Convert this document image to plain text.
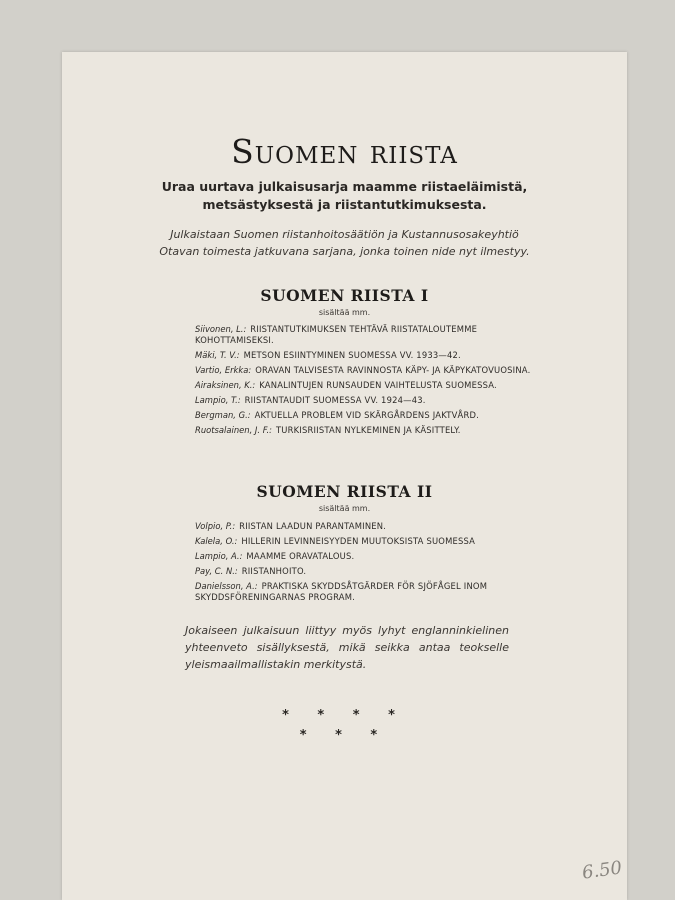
Suomen riista
Uraa uurtava julkaisusarja maamme riistaeläimistä,
metsästyksestä ja riistantutkimuksesta.
Julkaistaan Suomen riistanhoitosäätiön ja Kustannusosakeyhtiö
Otavan toimesta jatkuvana sarjana, jonka toinen nide nyt ilmestyy.
SUOMEN RIISTA I
sisältää mm.
Siivonen, L.: RIISTANTUTKIMUKSEN TEHTÄVÄ RIISTATALOUTEMME KOHOTTAMISEKSI.
Mäki, T. V.: METSON ESIINTYMINEN SUOMESSA VV. 1933—42.
Vartio, Erkka: ORAVAN TALVISESTA RAVINNOSTA KÄPY- JA KÄPYKATOVUOSINA.
Airaksinen, K.: KANALINTUJEN RUNSAUDEN VAIHTELUSTA SUOMESSA.
Lampio, T.: RIISTANTAUDIT SUOMESSA VV. 1924—43.
Bergman, G.: AKTUELLA PROBLEM VID SKÄRGÅRDENS JAKTVÅRD.
Ruotsalainen, J. F.: TURKISRIISTAN NYLKEMINEN JA KÄSITTELY.
SUOMEN RIISTA II
sisältää mm.
Volpio, P.: RIISTAN LAADUN PARANTAMINEN.
Kalela, O.: HILLERIN LEVINNEISYYDEN MUUTOKSISTA SUOMESSA
Lampio, A.: MAAMME ORAVATALOUS.
Pay, C. N.: RIISTANHOITO.
Danielsson, A.: PRAKTISKA SKYDDSÅTGÄRDER FÖR SJÖFÅGEL INOM SKYDDSFÖRENINGARNAS PROGRAM.
Jokaiseen julkaisuun liittyy myös lyhyt englanninkielinen yhteenveto sisällyksestä, mikä seikka antaa teokselle yleismaailmallistakin merkitystä.
* * * *
* * *
6.50
